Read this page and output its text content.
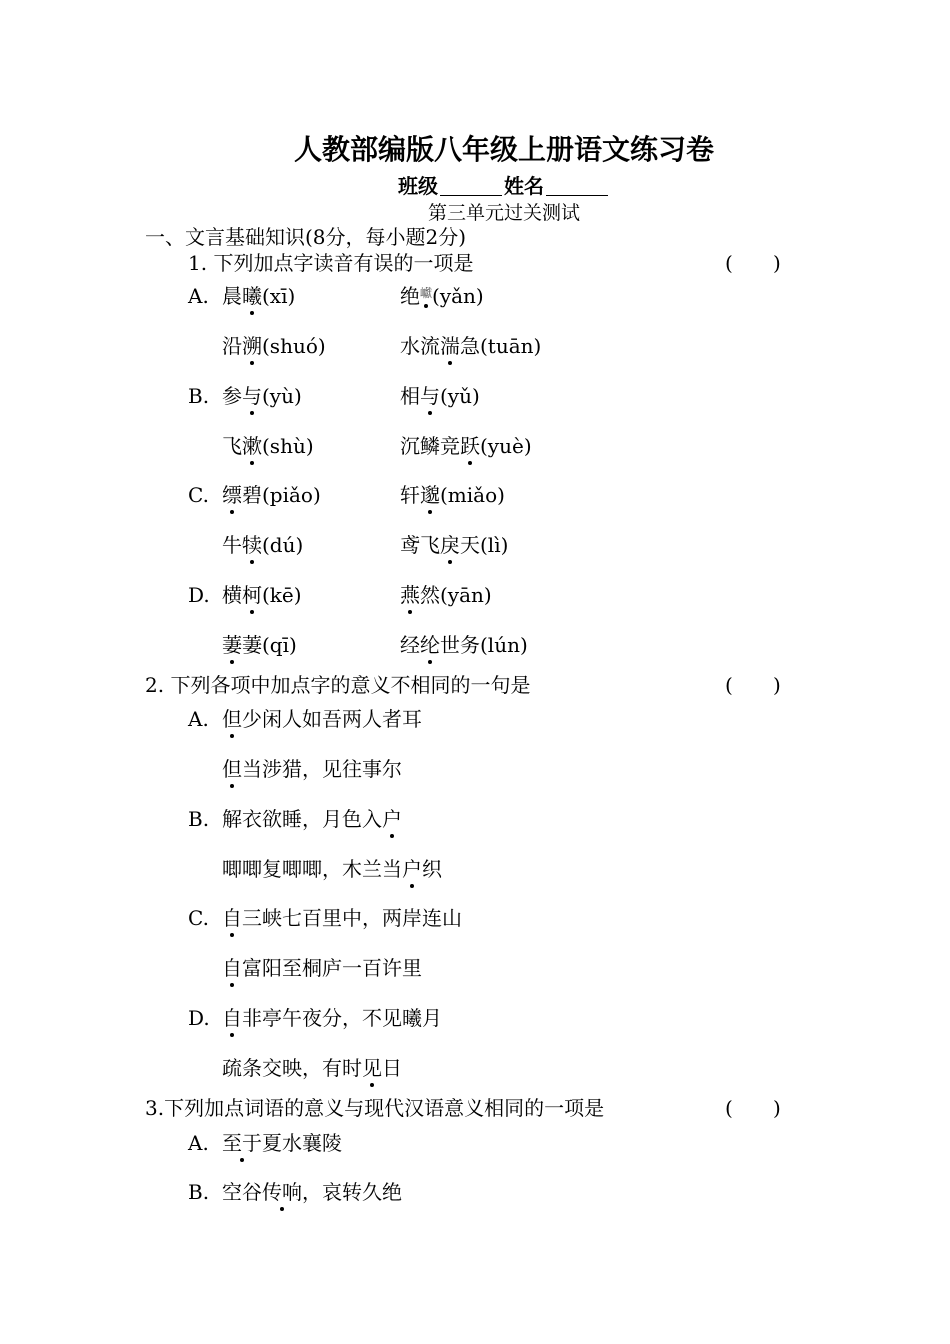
人教部编版八年级上册语文练习卷
班级	姓名
第三单元过关测试
一、文言基础知识(8分，每小题2分)
1. 下列加点字读音有误的一项是	( )
A. 晨曦(xī)	绝巘(yǎn)
沿溯(shuó)	水流湍急(tuān)
B. 参与(yù)	相与(yǔ)
飞漱(shù)	沉鳞竞跃(yuè)
C. 缥碧(piǎo)	轩邈(miǎo)
牛犊(dú)	鸢飞戾天(lì)
D. 横柯(kē)	燕然(yān)
萋萋(qī)	经纶世务(lún)
2. 下列各项中加点字的意义不相同的一句是	( )
A. 但少闲人如吾两人者耳
但当涉猎，见往事尔
B. 解衣欲睡，月色入户
唧唧复唧唧，木兰当户织
C. 自三峡七百里中，两岸连山
自富阳至桐庐一百许里
D. 自非亭午夜分，不见曦月
疏条交映，有时见日
3.下列加点词语的意义与现代汉语意义相同的一项是	( )
A. 至于夏水襄陵
B. 空谷传响，哀转久绝
